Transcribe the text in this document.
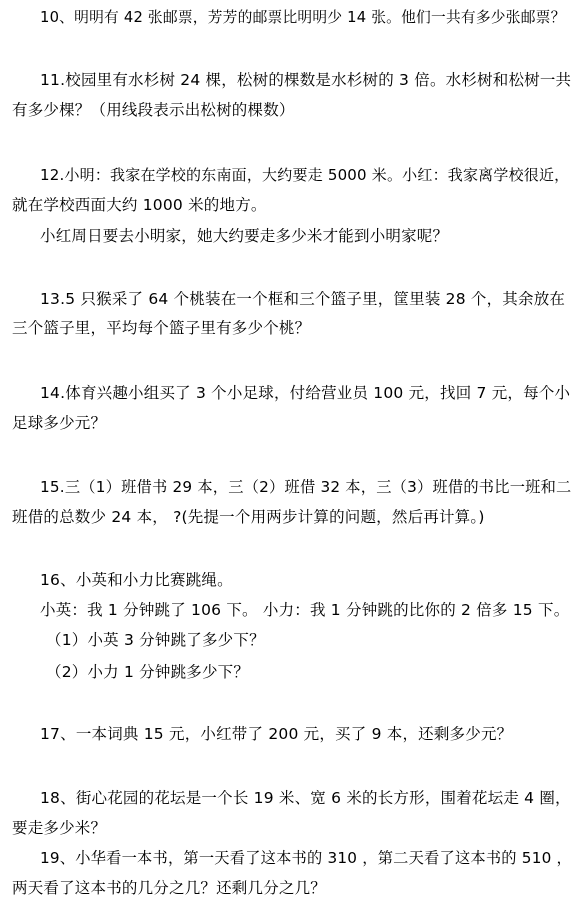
10、明明有 42 张邮票，芳芳的邮票比明明少 14 张。他们一共有多少张邮票？
11.校园里有水杉树 24 棵，松树的棵数是水杉树的 3 倍。水杉树和松树一共
有多少棵？（用线段表示出松树的棵数）
12.小明：我家在学校的东南面，大约要走 5000 米。小红：我家离学校很近，
就在学校西面大约 1000 米的地方。
小红周日要去小明家，她大约要走多少米才能到小明家呢？
13.5 只猴采了 64 个桃装在一个框和三个篮子里，筐里装 28 个，其余放在
三个篮子里，平均每个篮子里有多少个桃？
14.体育兴趣小组买了 3 个小足球，付给营业员 100 元，找回 7 元，每个小
足球多少元？
15.三（1）班借书 29 本，三（2）班借 32 本，三（3）班借的书比一班和二
班借的总数少 24 本， ?(先提一个用两步计算的问题，然后再计算。)
16、小英和小力比赛跳绳。
小英：我 1 分钟跳了 106 下。 小力：我 1 分钟跳的比你的 2 倍多 15 下。
（1）小英 3 分钟跳了多少下？
（2）小力 1 分钟跳多少下？
17、一本词典 15 元，小红带了 200 元，买了 9 本，还剩多少元？
18、街心花园的花坛是一个长 19 米、宽 6 米的长方形，围着花坛走 4 圈，
要走多少米？
19、小华看一本书，第一天看了这本书的 310 ，第二天看了这本书的 510 ，
两天看了这本书的几分之几？还剩几分之几？
